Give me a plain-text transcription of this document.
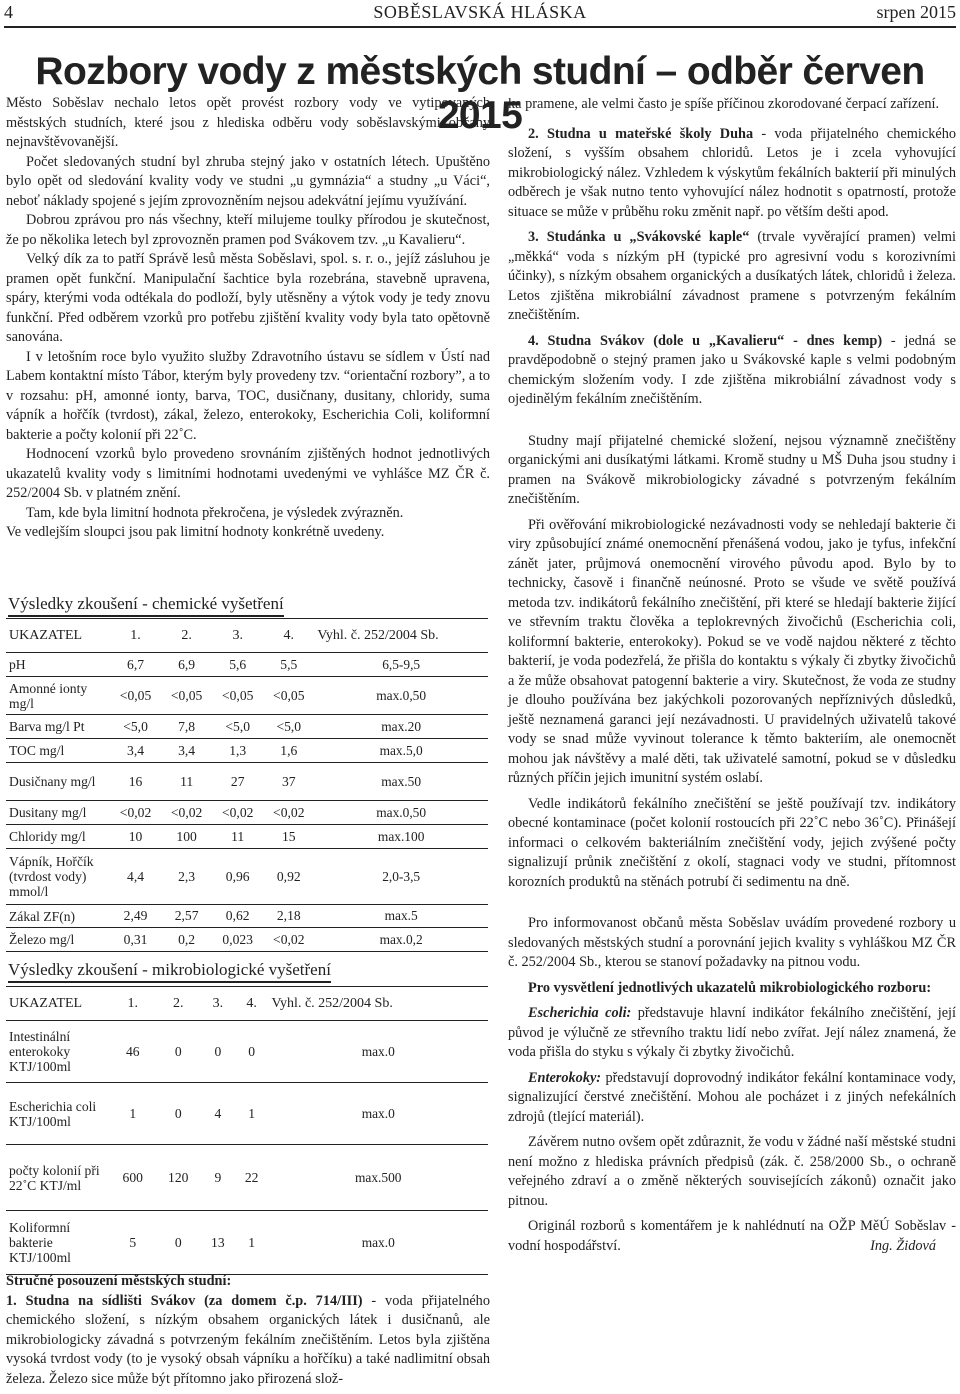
4	SOBĚSLAVSKÁ HLÁSKA	srpen 2015
Rozbory vody z městských studní – odběr červen 2015

Město Soběslav nechalo letos opět provést rozbory vody ve vytipovaných městských studních, které jsou z hlediska odběru vody soběslavskými občany nejnavštěvovanější.

Počet sledovaných studní byl zhruba stejný jako v ostatních létech. Upuštěno bylo opět od sledování kvality vody ve studni „u gymnázia“ a studny „u Váci“, neboť náklady spojené s jejím zprovozněním nejsou adekvátní jejímu využívání.

Dobrou zprávou pro nás všechny, kteří milujeme toulky přírodou je skutečnost, že po několika letech byl zprovozněn pramen pod Svákovem tzv. „u Kavalieru“.

Velký dík za to patří Správě lesů města Soběslavi, spol. s. r. o., jejíž zásluhou je pramen opět funkční. Manipulační šachtice byla rozebrána, stavebně upravena, spáry, kterými voda odtékala do podloží, byly utěsněny a výtok vody je tedy znovu funkční. Před odběrem vzorků pro potřebu zjištění kvality vody byla tato opětovně sanována.

I v letošním roce bylo využito služby Zdravotního ústavu se sídlem v Ústí nad Labem kontaktní místo Tábor, kterým byly provedeny tzv. “orientační rozbory”, a to v rozsahu: pH, amonné ionty, barva, TOC, dusičnany, dusitany, chloridy, suma vápník a hořčík (tvrdost), zákal, železo, enterokoky, Escherichia Coli, koliformní bakterie a počty kolonií při 22˚C.

Hodnocení vzorků bylo provedeno srovnáním zjištěných hodnot jednotlivých ukazatelů kvality vody s limitními hodnotami uvedenými ve vyhlášce MZ ČR č. 252/2004 Sb. v platném znění.

Tam, kde byla limitní hodnota překročena, je výsledek zvýrazněn.

Ve vedlejším sloupci jsou pak limitní hodnoty konkrétně uvedeny.

Výsledky zkoušení - chemické vyšetření
UKAZATEL	1.	2.	3.	4.	Vyhl. č. 252/2004 Sb.
pH	6,7	6,9	5,6	5,5	6,5-9,5
Amonné ionty mg/l	<0,05	<0,05	<0,05	<0,05	max.0,50
Barva mg/l Pt	<5,0	7,8	<5,0	<5,0	max.20
TOC mg/l	3,4	3,4	1,3	1,6	max.5,0
Dusičnany mg/l	16	11	27	37	max.50
Dusitany mg/l	<0,02	<0,02	<0,02	<0,02	max.0,50
Chloridy mg/l	10	100	11	15	max.100
Vápník, Hořčík (tvrdost vody) mmol/l	4,4	2,3	0,96	0,92	2,0-3,5
Zákal ZF(n)	2,49	2,57	0,62	2,18	max.5
Železo mg/l	0,31	0,2	0,023	<0,02	max.0,2
Výsledky zkoušení - mikrobiologické vyšetření
UKAZATEL	1.	2.	3.	4.	Vyhl. č. 252/2004 Sb.
Intestinální enterokoky KTJ/100ml	46	0	0	0	max.0
Escherichia coli KTJ/100ml	1	0	4	1	max.0
počty kolonií při 22˚C KTJ/ml	600	120	9	22	max.500
Koliformní bakterie KTJ/100ml	5	0	13	1	max.0

Stručné posouzení městských studní:

1. Studna na sídlišti Svákov (za domem č.p. 714/III) - voda přijatelného chemického složení, s nízkým obsahem organických látek i dusičnanů, ale mikrobiologicky závadná s potvrzeným fekálním znečištěním. Letos byla zjištěna vysoká tvrdost vody (to je vysoký obsah vápníku a hořčíku) a také nadlimitní obsah železa. Železo sice může být přítomno jako přirozená slož-

ka pramene, ale velmi často je spíše příčinou zkorodované čerpací zařízení.

2. Studna u mateřské školy Duha - voda přijatelného chemického složení, s vyšším obsahem chloridů. Letos je i zcela vyhovující mikrobiologický nález. Vzhledem k výskytům fekálních bakterií při minulých odběrech je však nutno tento vyhovující nález hodnotit s opatrností, protože situace se může v průběhu roku změnit např. po větším dešti apod.

3. Studánka u „Svákovské kaple“ (trvale vyvěrající pramen) velmi „měkká“ voda s nízkým pH (typické pro agresivní vodu s korozivními účinky), s nízkým obsahem organických a dusíkatých látek, chloridů i železa. Letos zjištěna mikrobiální závadnost pramene s potvrzeným fekálním znečištěním.

4. Studna Svákov (dole u „Kavalieru“ - dnes kemp) - jedná se pravděpodobně o stejný pramen jako u Svákovské kaple s velmi podobným chemickým složením vody. I zde zjištěna mikrobiální závadnost vody s ojedinělým fekálním znečištěním.

Studny mají přijatelné chemické složení, nejsou významně znečištěny organickými ani dusíkatými látkami. Kromě studny u MŠ Duha jsou studny i pramen na Svákově mikrobiologicky závadné s potvrzeným fekálním znečištěním.

Při ověřování mikrobiologické nezávadnosti vody se nehledají bakterie či viry způsobující známé onemocnění přenášená vodou, jako je tyfus, infekční zánět jater, průjmová onemocnění virového původu apod. Bylo by to technicky, časově i finančně neúnosné. Proto se všude ve světě používá metoda tzv. indikátorů fekálního znečištění, při které se hledají bakterie žijící ve střevním traktu člověka a teplokrevných živočichů (Escherichia coli, koliformní bakterie, enterokoky). Pokud se ve vodě najdou některé z těchto bakterií, je voda podezřelá, že přišla do kontaktu s výkaly či zbytky živočichů a že může obsahovat patogenní bakterie a viry. Skutečnost, že voda ze studny je dlouho používána bez jakýchkoli pozorovaných nepříznivých důsledků, ještě neznamená garanci její nezávadnosti. U pravidelných uživatelů takové vody se snad může vyvinout tolerance k těmto bakteriím, ale onemocnět mohou jak návštěvy a malé děti, tak uživatelé samotní, pokud se v důsledku různých příčin jejich imunitní systém oslabí.

Vedle indikátorů fekálního znečištění se ještě používají tzv. indikátory obecné kontaminace (počet kolonií rostoucích při 22˚C nebo 36˚C). Přinášejí informaci o celkovém bakteriálním znečištění vody, jejich zvýšené počty signalizují průnik znečištění z okolí, stagnaci vody ve studni, přítomnost korozních produktů na stěnách potrubí či sedimentu na dně.

Pro informovanost občanů města Soběslav uvádím provedené rozbory u sledovaných městských studní a porovnání jejich kvality s vyhláškou MZ ČR č. 252/2004 Sb., kterou se stanoví požadavky na pitnou vodu.

Pro vysvětlení jednotlivých ukazatelů mikrobiologického rozboru:

Escherichia coli: představuje hlavní indikátor fekálního znečištění, její původ je výlučně ze střevního traktu lidí nebo zvířat. Její nález znamená, že voda přišla do styku s výkaly či zbytky živočichů.

Enterokoky: představují doprovodný indikátor fekální kontaminace vody, signalizující čerstvé znečištění. Mohou ale pocházet i z jiných nefekálních zdrojů (tlející materiál).

Závěrem nutno ovšem opět zdůraznit, že vodu v žádné naší městské studni není možno z hlediska právních předpisů (zák. č. 258/2000 Sb., o ochraně veřejného zdraví a o změně některých souvisejících zákonů) označit jako pitnou.

Originál rozborů s komentářem je k nahlédnutí na OŽP MěÚ Soběslav - vodní hospodářství.	Ing. Židová
